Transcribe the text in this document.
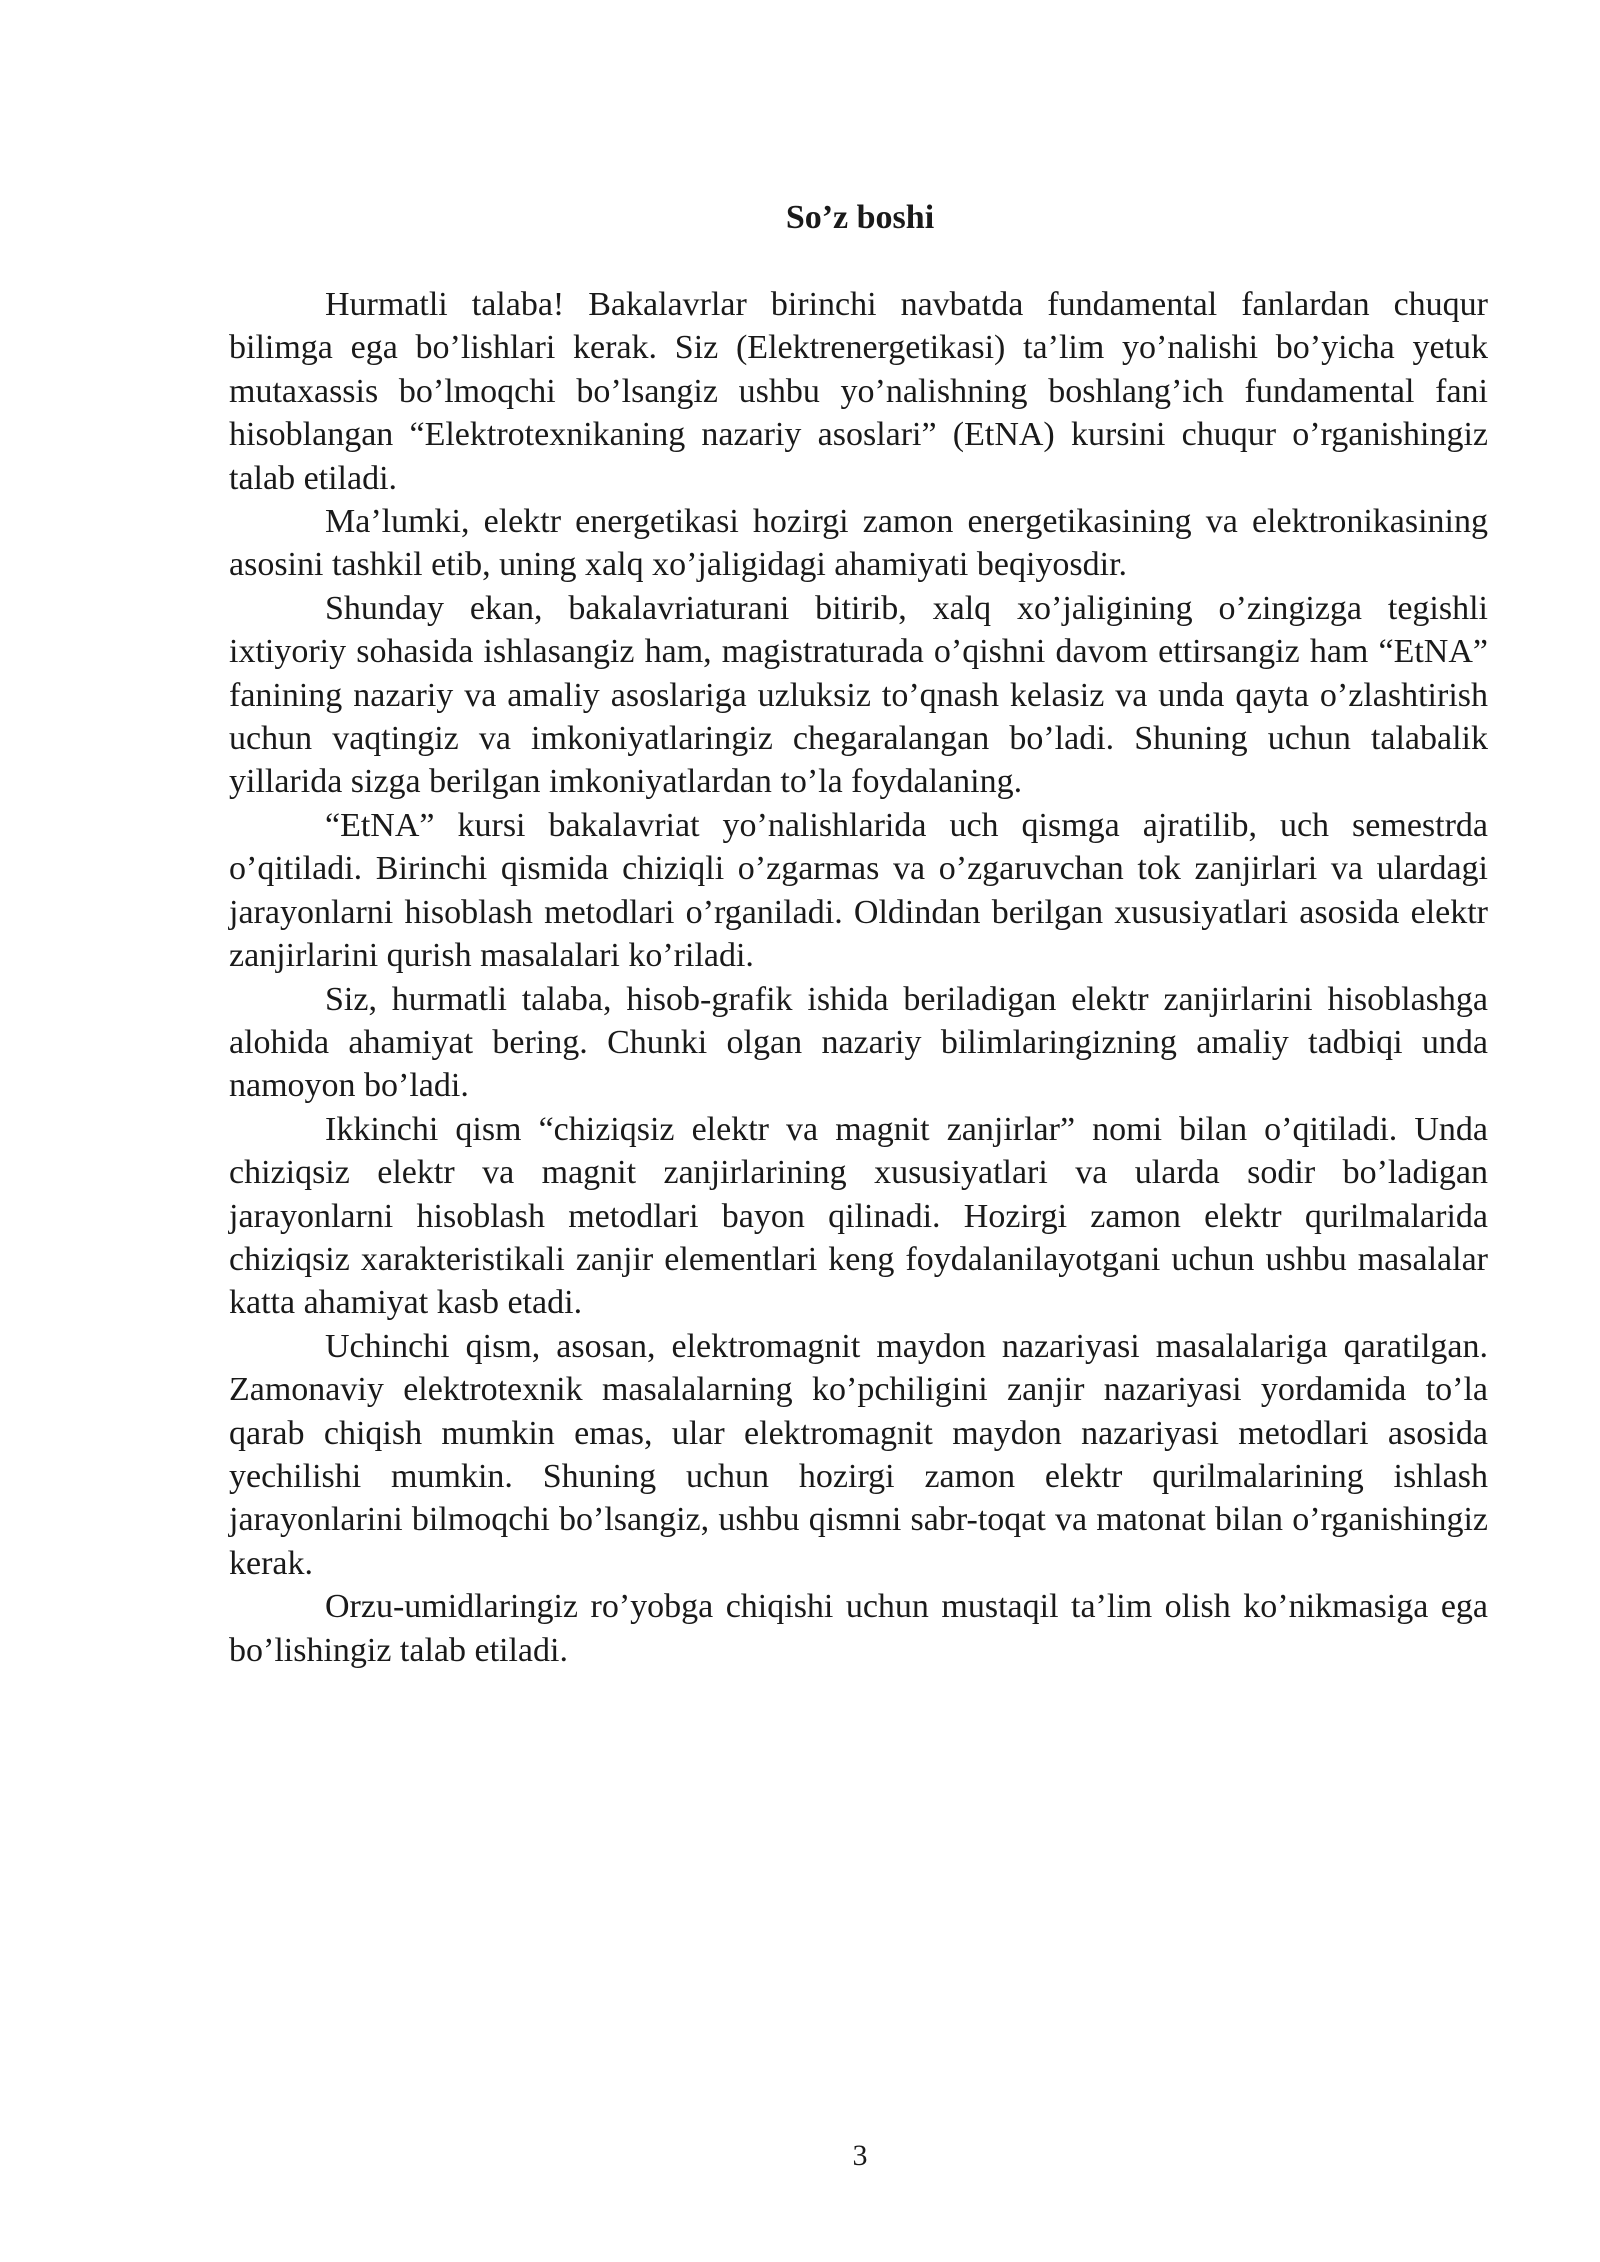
So’z boshi

Hurmatli talaba! Bakalavrlar birinchi navbatda fundamental fanlardan chuqur bilimga ega bo’lishlari kerak. Siz (Elektrenergetikasi) ta’lim yo’nalishi bo’yicha yetuk mutaxassis bo’lmoqchi bo’lsangiz ushbu yo’nalishning boshlang’ich fundamental fani hisoblangan “Elektrotexnikaning nazariy asoslari” (EtNA) kursini chuqur o’rganishingiz talab etiladi.

Ma’lumki, elektr energetikasi hozirgi zamon energetikasining va elektronikasining asosini tashkil etib, uning xalq xo’jaligidagi ahamiyati beqiyosdir.

Shunday ekan, bakalavriaturani bitirib, xalq xo’jaligining o’zingizga tegishli ixtiyoriy sohasida ishlasangiz ham, magistraturada o’qishni davom ettirsangiz ham “EtNA” fanining nazariy va amaliy asoslariga uzluksiz to’qnash kelasiz va unda qayta o’zlashtirish uchun vaqtingiz va imkoniyatlaringiz chegaralangan bo’ladi. Shuning uchun talabalik yillarida sizga berilgan imkoniyatlardan to’la foydalaning.

“EtNA” kursi bakalavriat yo’nalishlarida uch qismga ajratilib, uch semestrda o’qitiladi. Birinchi qismida chiziqli o’zgarmas va o’zgaruvchan tok zanjirlari va ulardagi jarayonlarni hisoblash metodlari o’rganiladi. Oldindan berilgan xususiyatlari asosida elektr zanjirlarini qurish masalalari ko’riladi.

Siz, hurmatli talaba, hisob-grafik ishida beriladigan elektr zanjirlarini hisoblashga alohida ahamiyat bering. Chunki olgan nazariy bilimlaringizning amaliy tadbiqi unda namoyon bo’ladi.

Ikkinchi qism “chiziqsiz elektr va magnit zanjirlar” nomi bilan o’qitiladi. Unda chiziqsiz elektr va magnit zanjirlarining xususiyatlari va ularda sodir bo’ladigan jarayonlarni hisoblash metodlari bayon qilinadi. Hozirgi zamon elektr qurilmalarida chiziqsiz xarakteristikali zanjir elementlari keng foydalanilayotgani uchun ushbu masalalar katta ahamiyat kasb etadi.

Uchinchi qism, asosan, elektromagnit maydon nazariyasi masalalariga qaratilgan. Zamonaviy elektrotexnik masalalarning ko’pchiligini zanjir nazariyasi yordamida to’la qarab chiqish mumkin emas, ular elektromagnit maydon nazariyasi metodlari asosida yechilishi mumkin. Shuning uchun hozirgi zamon elektr qurilmalarining ishlash jarayonlarini bilmoqchi bo’lsangiz, ushbu qismni sabr-toqat va matonat bilan o’rganishingiz kerak.

Orzu-umidlaringiz ro’yobga chiqishi uchun mustaqil ta’lim olish ko’nikmasiga ega bo’lishingiz talab etiladi.

3
